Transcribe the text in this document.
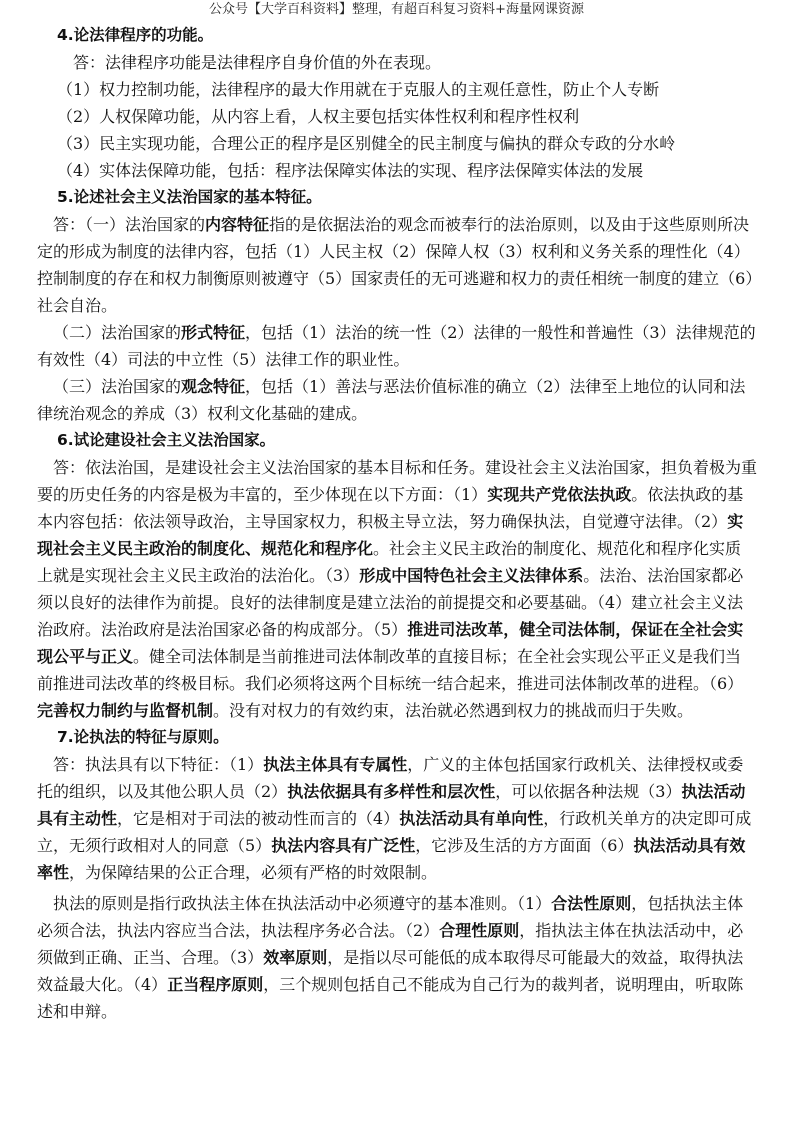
公众号【大学百科资料】整理，有超百科复习资料+海量网课资源

4.论法律程序的功能。

答：法律程序功能是法律程序自身价值的外在表现。

（1）权力控制功能，法律程序的最大作用就在于克服人的主观任意性，防止个人专断

（2）人权保障功能，从内容上看，人权主要包括实体性权利和程序性权利

（3）民主实现功能，合理公正的程序是区别健全的民主制度与偏执的群众专政的分水岭

（4）实体法保障功能，包括：程序法保障实体法的实现、程序法保障实体法的发展

5.论述社会主义法治国家的基本特征。

答：（一）法治国家的内容特征指的是依据法治的观念而被奉行的法治原则，以及由于这些原则所决定的形成为制度的法律内容，包括（1）人民主权（2）保障人权（3）权利和义务关系的理性化（4）控制制度的存在和权力制衡原则被遵守（5）国家责任的无可逃避和权力的责任相统一制度的建立（6）社会自治。

（二）法治国家的形式特征，包括（1）法治的统一性（2）法律的一般性和普遍性（3）法律规范的有效性（4）司法的中立性（5）法律工作的职业性。

（三）法治国家的观念特征，包括（1）善法与恶法价值标准的确立（2）法律至上地位的认同和法律统治观念的养成（3）权利文化基础的建成。

6.试论建设社会主义法治国家。

答：依法治国，是建设社会主义法治国家的基本目标和任务。建设社会主义法治国家，担负着极为重要的历史任务的内容是极为丰富的，至少体现在以下方面：（1）实现共产党依法执政。依法执政的基本内容包括：依法领导政治，主导国家权力，积极主导立法，努力确保执法，自觉遵守法律。（2）实现社会主义民主政治的制度化、规范化和程序化。社会主义民主政治的制度化、规范化和程序化实质上就是实现社会主义民主政治的法治化。（3）形成中国特色社会主义法律体系。法治、法治国家都必须以良好的法律作为前提。良好的法律制度是建立法治的前提提交和必要基础。（4）建立社会主义法治政府。法治政府是法治国家必备的构成部分。（5）推进司法改革，健全司法体制，保证在全社会实现公平与正义。健全司法体制是当前推进司法体制改革的直接目标；在全社会实现公平正义是我们当前推进司法改革的终极目标。我们必须将这两个目标统一结合起来，推进司法体制改革的进程。（6）完善权力制约与监督机制。没有对权力的有效约束，法治就必然遇到权力的挑战而归于失败。

7.论执法的特征与原则。

答：执法具有以下特征：（1）执法主体具有专属性，广义的主体包括国家行政机关、法律授权或委托的组织，以及其他公职人员（2）执法依据具有多样性和层次性，可以依据各种法规（3）执法活动具有主动性，它是相对于司法的被动性而言的（4）执法活动具有单向性，行政机关单方的决定即可成立，无须行政相对人的同意（5）执法内容具有广泛性，它涉及生活的方方面面（6）执法活动具有效率性，为保障结果的公正合理，必须有严格的时效限制。

执法的原则是指行政执法主体在执法活动中必须遵守的基本准则。（1）合法性原则，包括执法主体必须合法，执法内容应当合法，执法程序务必合法。（2）合理性原则，指执法主体在执法活动中，必须做到正确、正当、合理。（3）效率原则，是指以尽可能低的成本取得尽可能最大的效益，取得执法效益最大化。（4）正当程序原则，三个规则包括自己不能成为自己行为的裁判者，说明理由，听取陈述和申辩。
